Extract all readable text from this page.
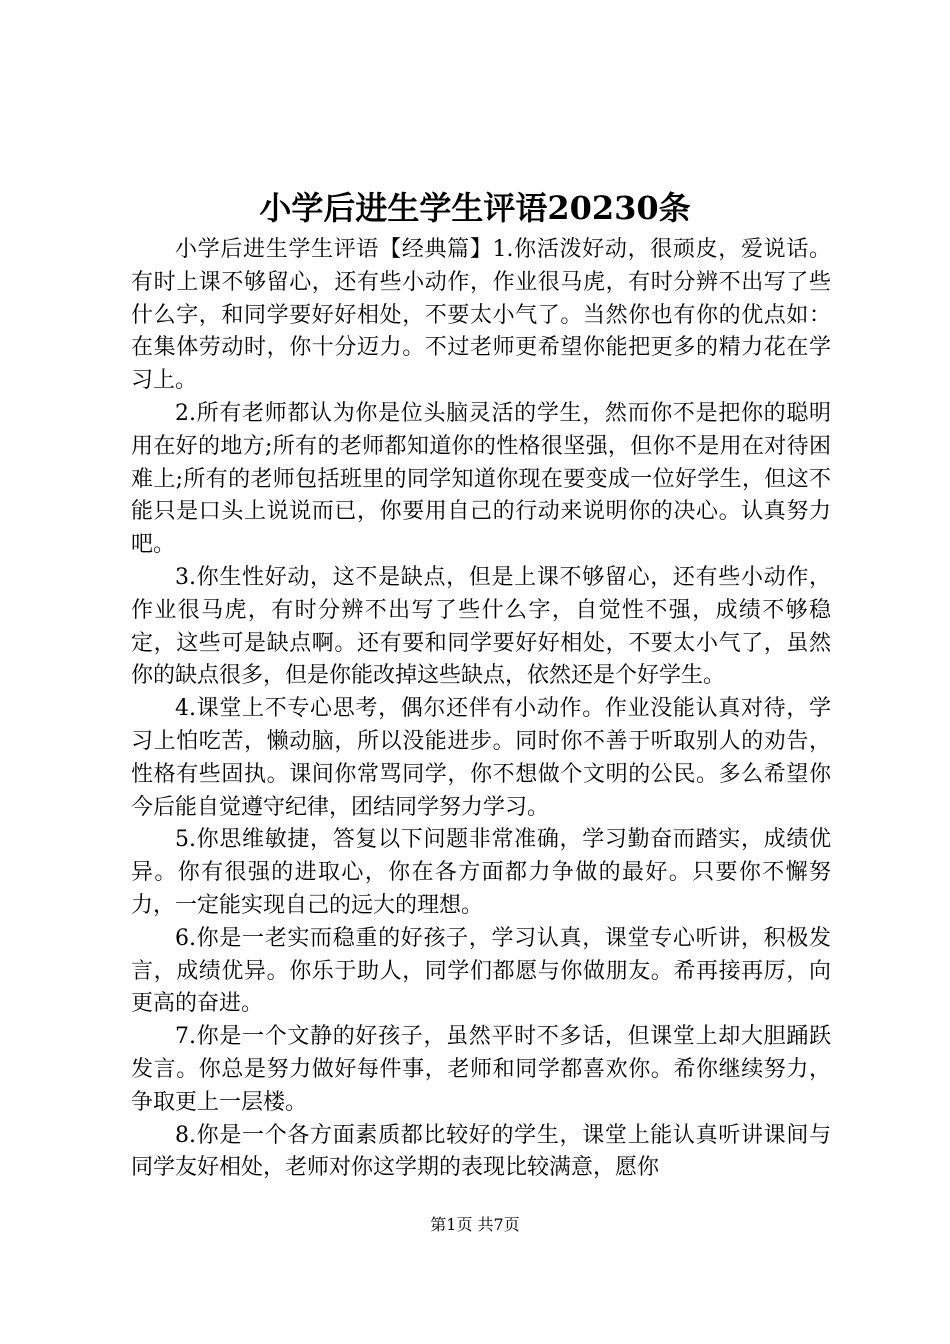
小学后进生学生评语20230条

小学后进生学生评语【经典篇】1.你活泼好动，很顽皮，爱说话。有时上课不够留心，还有些小动作，作业很马虎，有时分辨不出写了些什么字，和同学要好好相处，不要太小气了。当然你也有你的优点如：在集体劳动时，你十分迈力。不过老师更希望你能把更多的精力花在学习上。

2.所有老师都认为你是位头脑灵活的学生，然而你不是把你的聪明用在好的地方;所有的老师都知道你的性格很坚强，但你不是用在对待困难上;所有的老师包括班里的同学知道你现在要变成一位好学生，但这不能只是口头上说说而已，你要用自己的行动来说明你的决心。认真努力吧。

3.你生性好动，这不是缺点，但是上课不够留心，还有些小动作，作业很马虎，有时分辨不出写了些什么字，自觉性不强，成绩不够稳定，这些可是缺点啊。还有要和同学要好好相处，不要太小气了，虽然你的缺点很多，但是你能改掉这些缺点，依然还是个好学生。

4.课堂上不专心思考，偶尔还伴有小动作。作业没能认真对待，学习上怕吃苦，懒动脑，所以没能进步。同时你不善于听取别人的劝告，性格有些固执。课间你常骂同学，你不想做个文明的公民。多么希望你今后能自觉遵守纪律，团结同学努力学习。

5.你思维敏捷，答复以下问题非常准确，学习勤奋而踏实，成绩优异。你有很强的进取心，你在各方面都力争做的最好。只要你不懈努力，一定能实现自己的远大的理想。

6.你是一老实而稳重的好孩子，学习认真，课堂专心听讲，积极发言，成绩优异。你乐于助人，同学们都愿与你做朋友。希再接再厉，向更高的奋进。

7.你是一个文静的好孩子，虽然平时不多话，但课堂上却大胆踊跃发言。你总是努力做好每件事，老师和同学都喜欢你。希你继续努力，争取更上一层楼。

8.你是一个各方面素质都比较好的学生，课堂上能认真听讲课间与同学友好相处，老师对你这学期的表现比较满意，愿你

第1页 共7页
